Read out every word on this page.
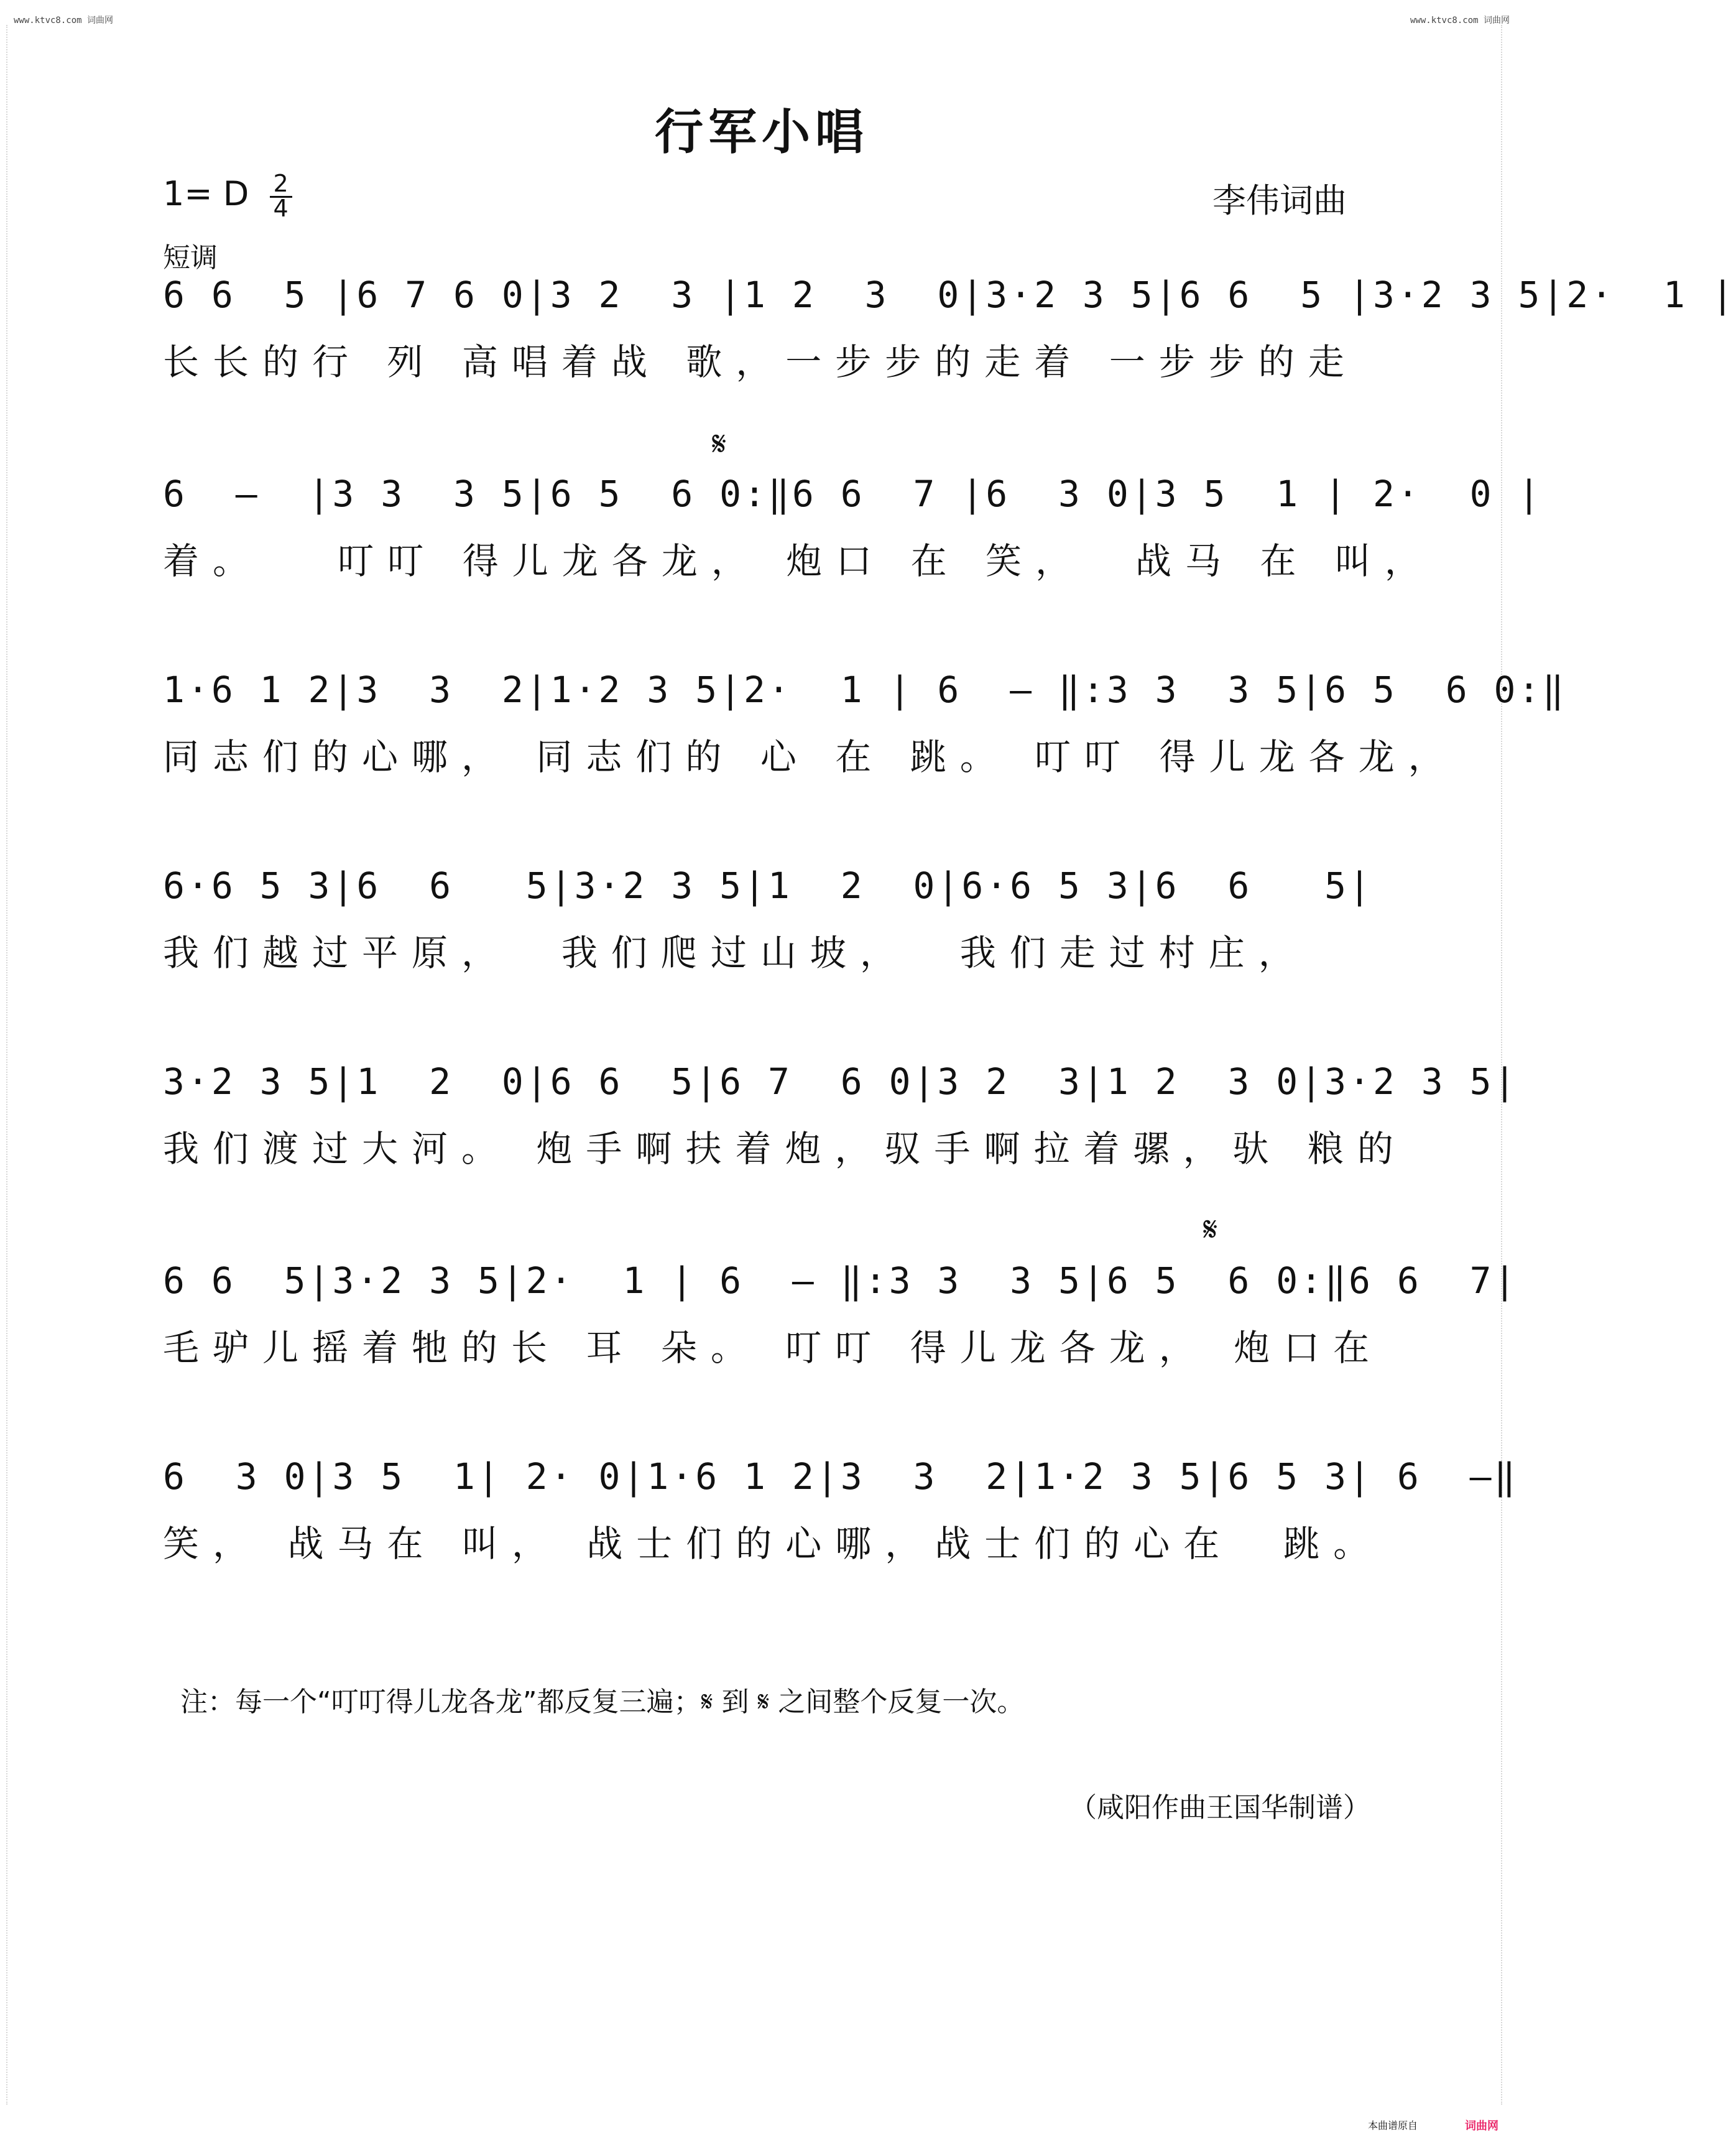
www.ktvc8.com 词曲网	www.ktvc8.com 词曲网
行军小唱
1= D $\frac{2}{4}$	李伟词曲
短调
6 6  5 |6 7 6 0|3 2  3 |1 2  3  0|3·2 3 5|6 6  5 |3·2 3 5|2·  1 |
长长的行 列 高唱着战 歌，一步步的走着 一步步的走
𝄋
6  –  |3 3  3 5|6 5  6 0:‖6 6  7 |6  3 0|3 5  1 | 2·  0 |
着。   叮叮 得儿龙各龙， 炮口 在 笑，  战马 在 叫，
1·6 1 2|3  3  2|1·2 3 5|2·  1 | 6  – ‖:3 3  3 5|6 5  6 0:‖
同志们的心哪， 同志们的 心 在 跳。 叮叮 得儿龙各龙，
6·6 5 3|6  6   5|3·2 3 5|1  2  0|6·6 5 3|6  6   5|
我们越过平原，  我们爬过山坡，  我们走过村庄，
3·2 3 5|1  2  0|6 6  5|6 7  6 0|3 2  3|1 2  3 0|3·2 3 5|
我们渡过大河。 炮手啊扶着炮，驭手啊拉着骡，驮 粮的
𝄋
6 6  5|3·2 3 5|2·  1 | 6  – ‖:3 3  3 5|6 5  6 0:‖6 6  7|
毛驴儿摇着牠的长 耳 朵。 叮叮 得儿龙各龙， 炮口在
6  3 0|3 5  1| 2· 0|1·6 1 2|3  3  2|1·2 3 5|6 5 3| 6  –‖
笑， 战马在 叫， 战士们的心哪，战士们的心在  跳。
注：每一个“叮叮得儿龙各龙”都反复三遍；𝄋 到 𝄋 之间整个反复一次。
（咸阳作曲王国华制谱）
本曲谱原自	词曲网
